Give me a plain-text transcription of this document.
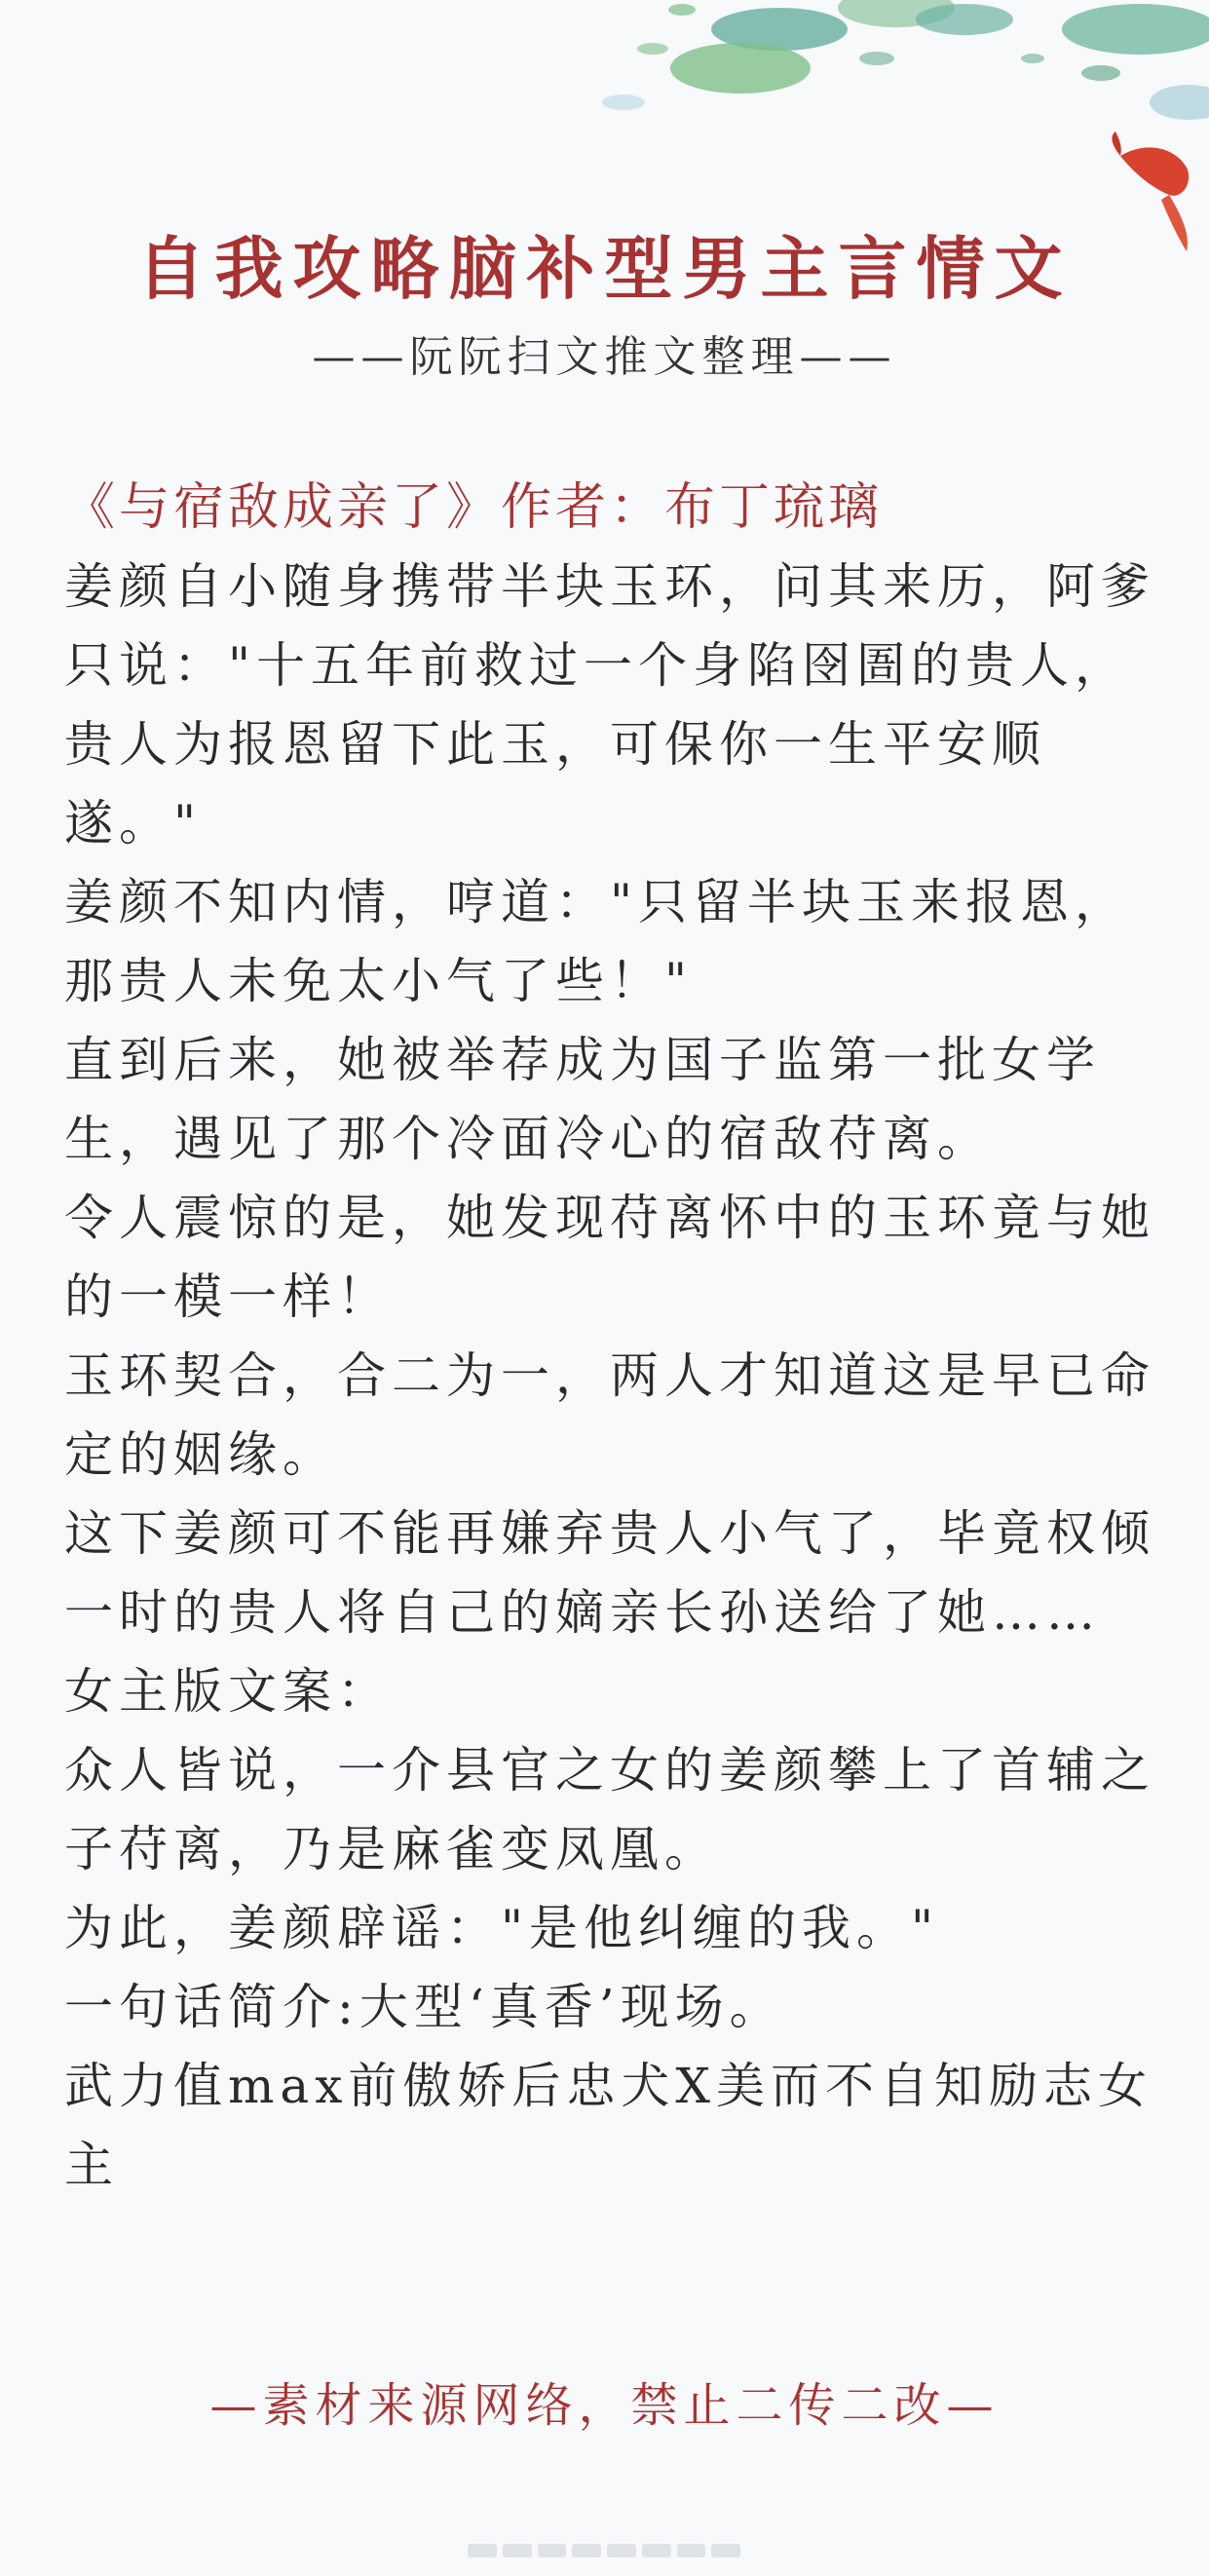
自我攻略脑补型男主言情文
——阮阮扫文推文整理——
《与宿敌成亲了》作者：布丁琉璃

姜颜自小随身携带半块玉环，问其来历，阿爹只说："十五年前救过一个身陷囹圄的贵人，贵人为报恩留下此玉，可保你一生平安顺遂。"

姜颜不知内情，哼道："只留半块玉来报恩，那贵人未免太小气了些！"

直到后来，她被举荐成为国子监第一批女学生，遇见了那个冷面冷心的宿敌苻离。

令人震惊的是，她发现苻离怀中的玉环竟与她的一模一样！

玉环契合，合二为一，两人才知道这是早已命定的姻缘。

这下姜颜可不能再嫌弃贵人小气了，毕竟权倾一时的贵人将自己的嫡亲长孙送给了她……

女主版文案：

众人皆说，一介县官之女的姜颜攀上了首辅之子苻离，乃是麻雀变凤凰。

为此，姜颜辟谣："是他纠缠的我。"

一句话简介:大型‘真香’现场。

武力值max前傲娇后忠犬X美而不自知励志女主

—素材来源网络，禁止二传二改—
